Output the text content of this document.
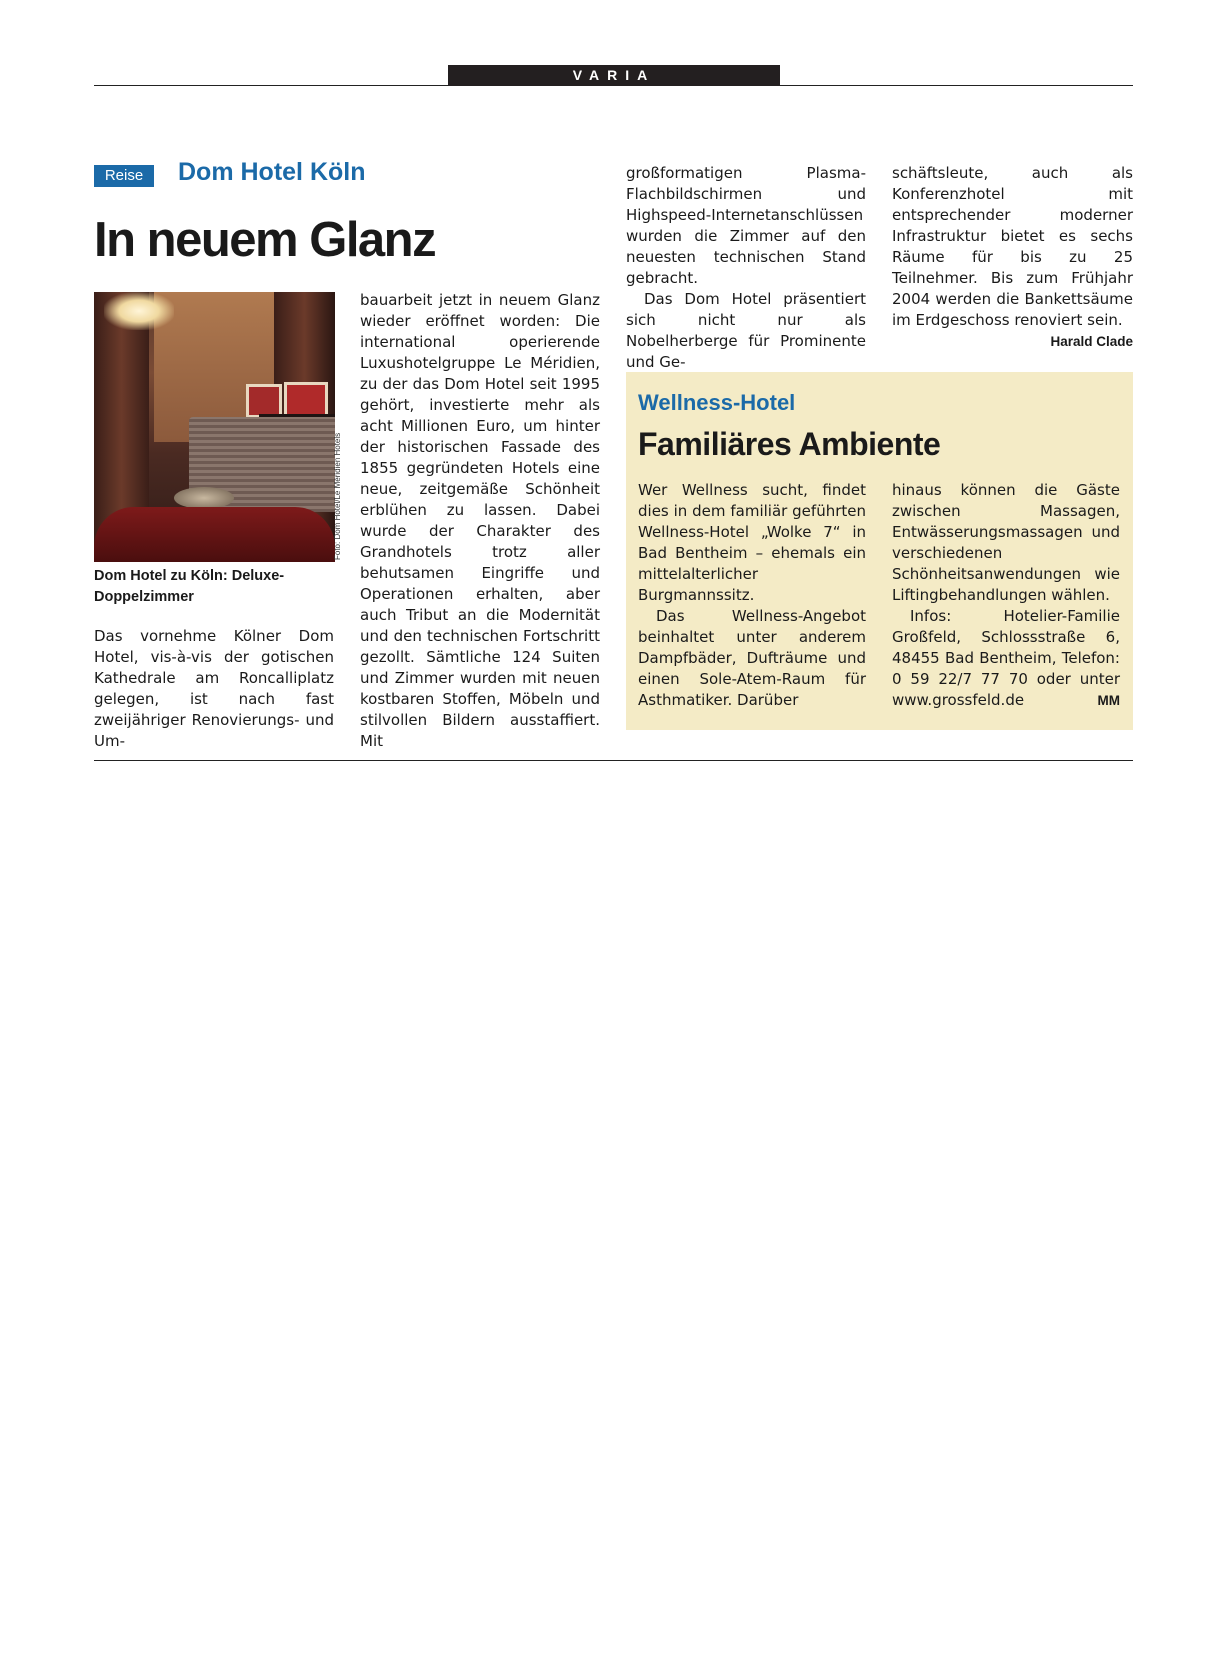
VARIA
Reise	Dom Hotel Köln
In neuem Glanz
Foto: Dom Hotel/Le Méridien Hotels
Dom Hotel zu Köln: Deluxe-Doppelzimmer

Das vornehme Kölner Dom Hotel, vis-à-vis der gotischen Kathedrale am Roncalliplatz gelegen, ist nach fast zweijähriger Renovierungs- und Um-

bauarbeit jetzt in neuem Glanz wieder eröffnet worden: Die international operierende Luxushotelgruppe Le Méridien, zu der das Dom Hotel seit 1995 gehört, investierte mehr als acht Millionen Euro, um hinter der historischen Fassade des 1855 gegründeten Hotels eine neue, zeitgemäße Schönheit erblühen zu lassen. Dabei wurde der Charakter des Grandhotels trotz aller behutsamen Eingriffe und Operationen erhalten, aber auch Tribut an die Modernität und den technischen Fortschritt gezollt. Sämtliche 124 Suiten und Zimmer wurden mit neuen kostbaren Stoffen, Möbeln und stilvollen Bildern ausstaffiert. Mit

großformatigen Plasma-Flachbildschirmen und Highspeed-Internetanschlüssen wurden die Zimmer auf den neuesten technischen Stand gebracht.

Das Dom Hotel präsentiert sich nicht nur als Nobelherberge für Prominente und Ge-

schäftsleute, auch als Konferenzhotel mit entsprechender moderner Infrastruktur bietet es sechs Räume für bis zu 25 Teilnehmer. Bis zum Frühjahr 2004 werden die Bankettsäume im Erdgeschoss renoviert sein.
Harald Clade

Wellness-Hotel
Familiäres Ambiente

Wer Wellness sucht, findet dies in dem familiär geführten Wellness-Hotel „Wolke 7“ in Bad Bentheim – ehemals ein mittelalterlicher Burgmannssitz.

Das Wellness-Angebot beinhaltet unter anderem Dampfbäder, Dufträume und einen Sole-Atem-Raum für Asthmatiker. Darüber

hinaus können die Gäste zwischen Massagen, Entwässerungsmassagen und verschiedenen Schönheitsanwendungen wie Liftingbehandlungen wählen.

Infos: Hotelier-Familie Großfeld, Schlossstraße 6, 48455 Bad Bentheim, Telefon: 0 59 22/7 77 70 oder unter www.grossfeld.de	MM
